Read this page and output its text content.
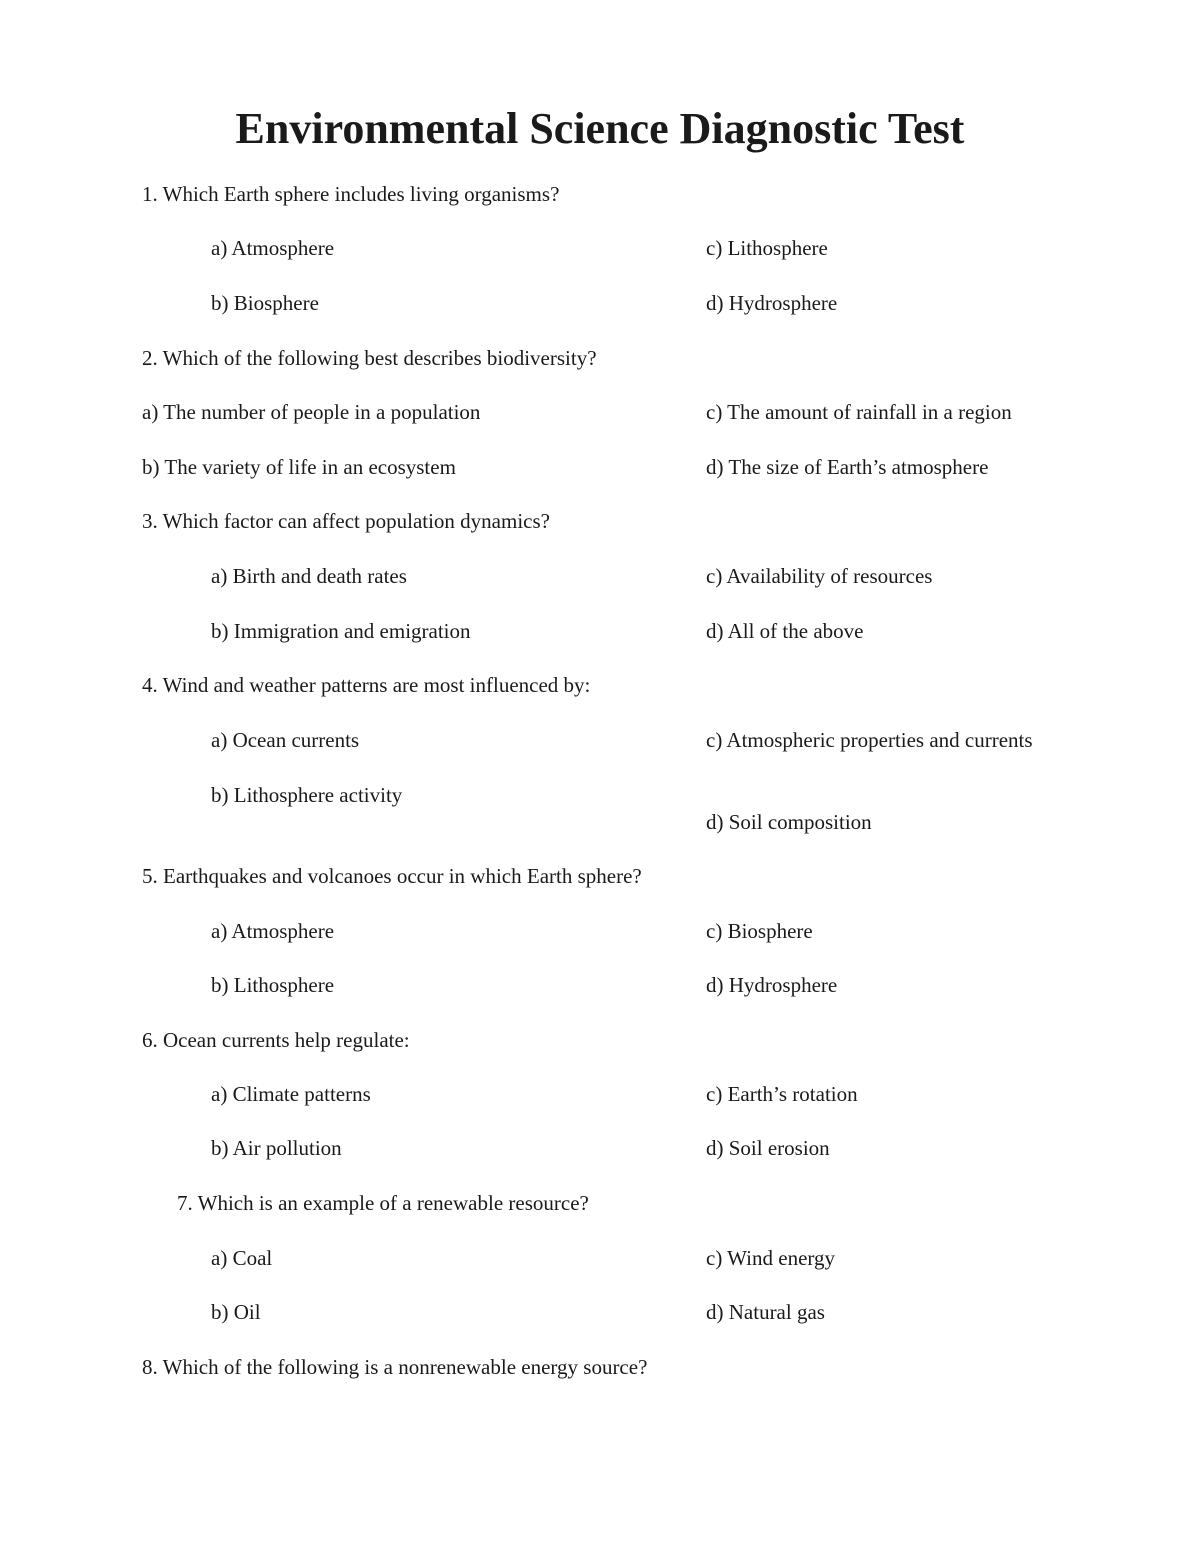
Environmental Science Diagnostic Test
1. Which Earth sphere includes living organisms?
a) Atmosphere
b) Biosphere
c) Lithosphere
d) Hydrosphere
2. Which of the following best describes biodiversity?
a) The number of people in a population
b) The variety of life in an ecosystem
c) The amount of rainfall in a region
d) The size of Earth’s atmosphere
3. Which factor can affect population dynamics?
a) Birth and death rates
b) Immigration and emigration
c) Availability of resources
d) All of the above
4. Wind and weather patterns are most influenced by:
a) Ocean currents
b) Lithosphere activity
c) Atmospheric properties and currents
d) Soil composition
5. Earthquakes and volcanoes occur in which Earth sphere?
a) Atmosphere
b) Lithosphere
c) Biosphere
d) Hydrosphere
6. Ocean currents help regulate:
a) Climate patterns
b) Air pollution
c) Earth’s rotation
d) Soil erosion
7. Which is an example of a renewable resource?
a) Coal
b) Oil
c) Wind energy
d) Natural gas
8. Which of the following is a nonrenewable energy source?
